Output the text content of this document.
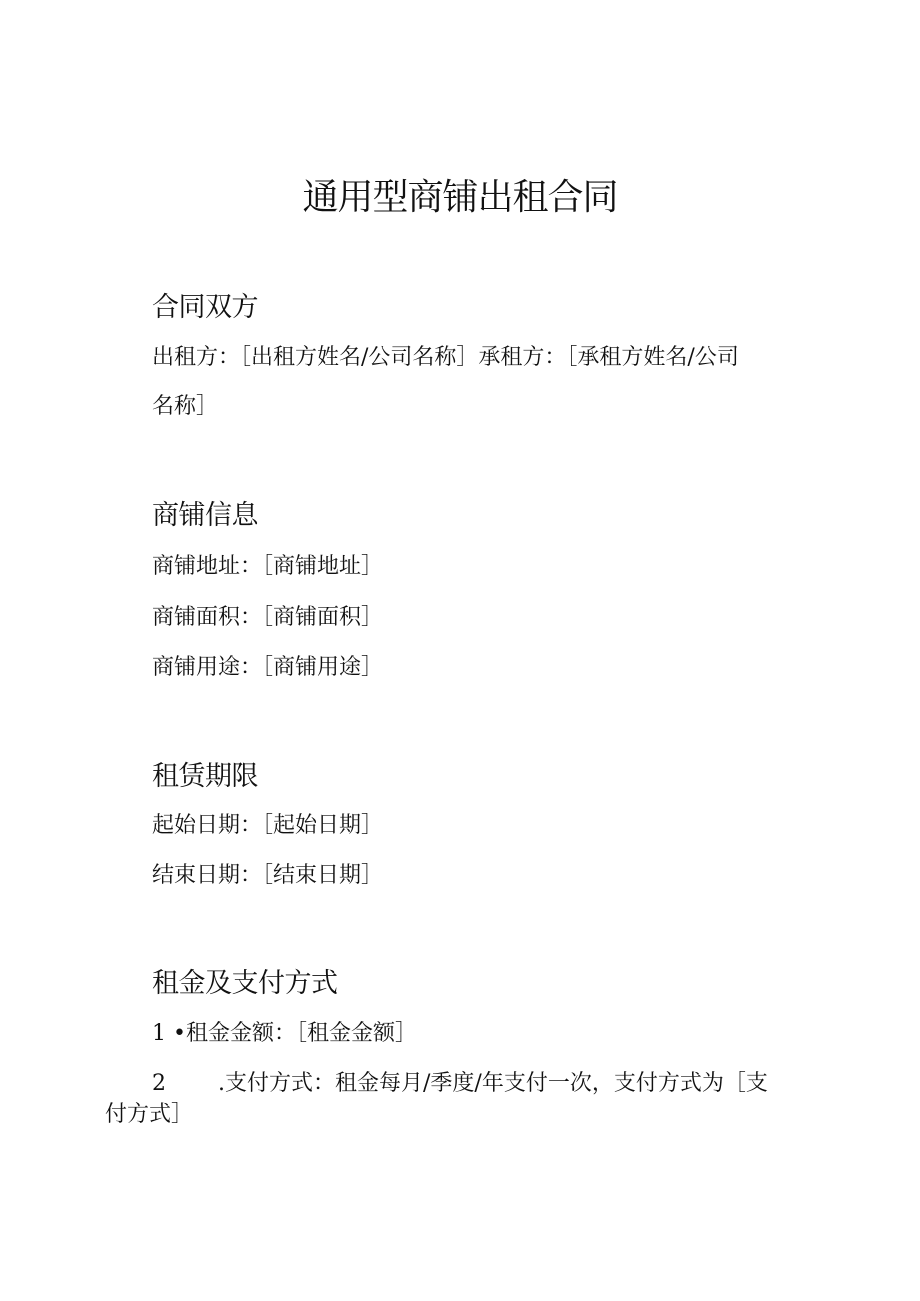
通用型商铺出租合同
合同双方

出租方：［出租方姓名/公司名称］承租方：［承租方姓名/公司

名称］

商铺信息

商铺地址：［商铺地址］

商铺面积：［商铺面积］

商铺用途：［商铺用途］

租赁期限

起始日期：［起始日期］

结束日期：［结束日期］

租金及支付方式

1 •租金金额：［租金金额］

2 .支付方式：租金每月/季度/年支付一次，支付方式为［支

付方式］
